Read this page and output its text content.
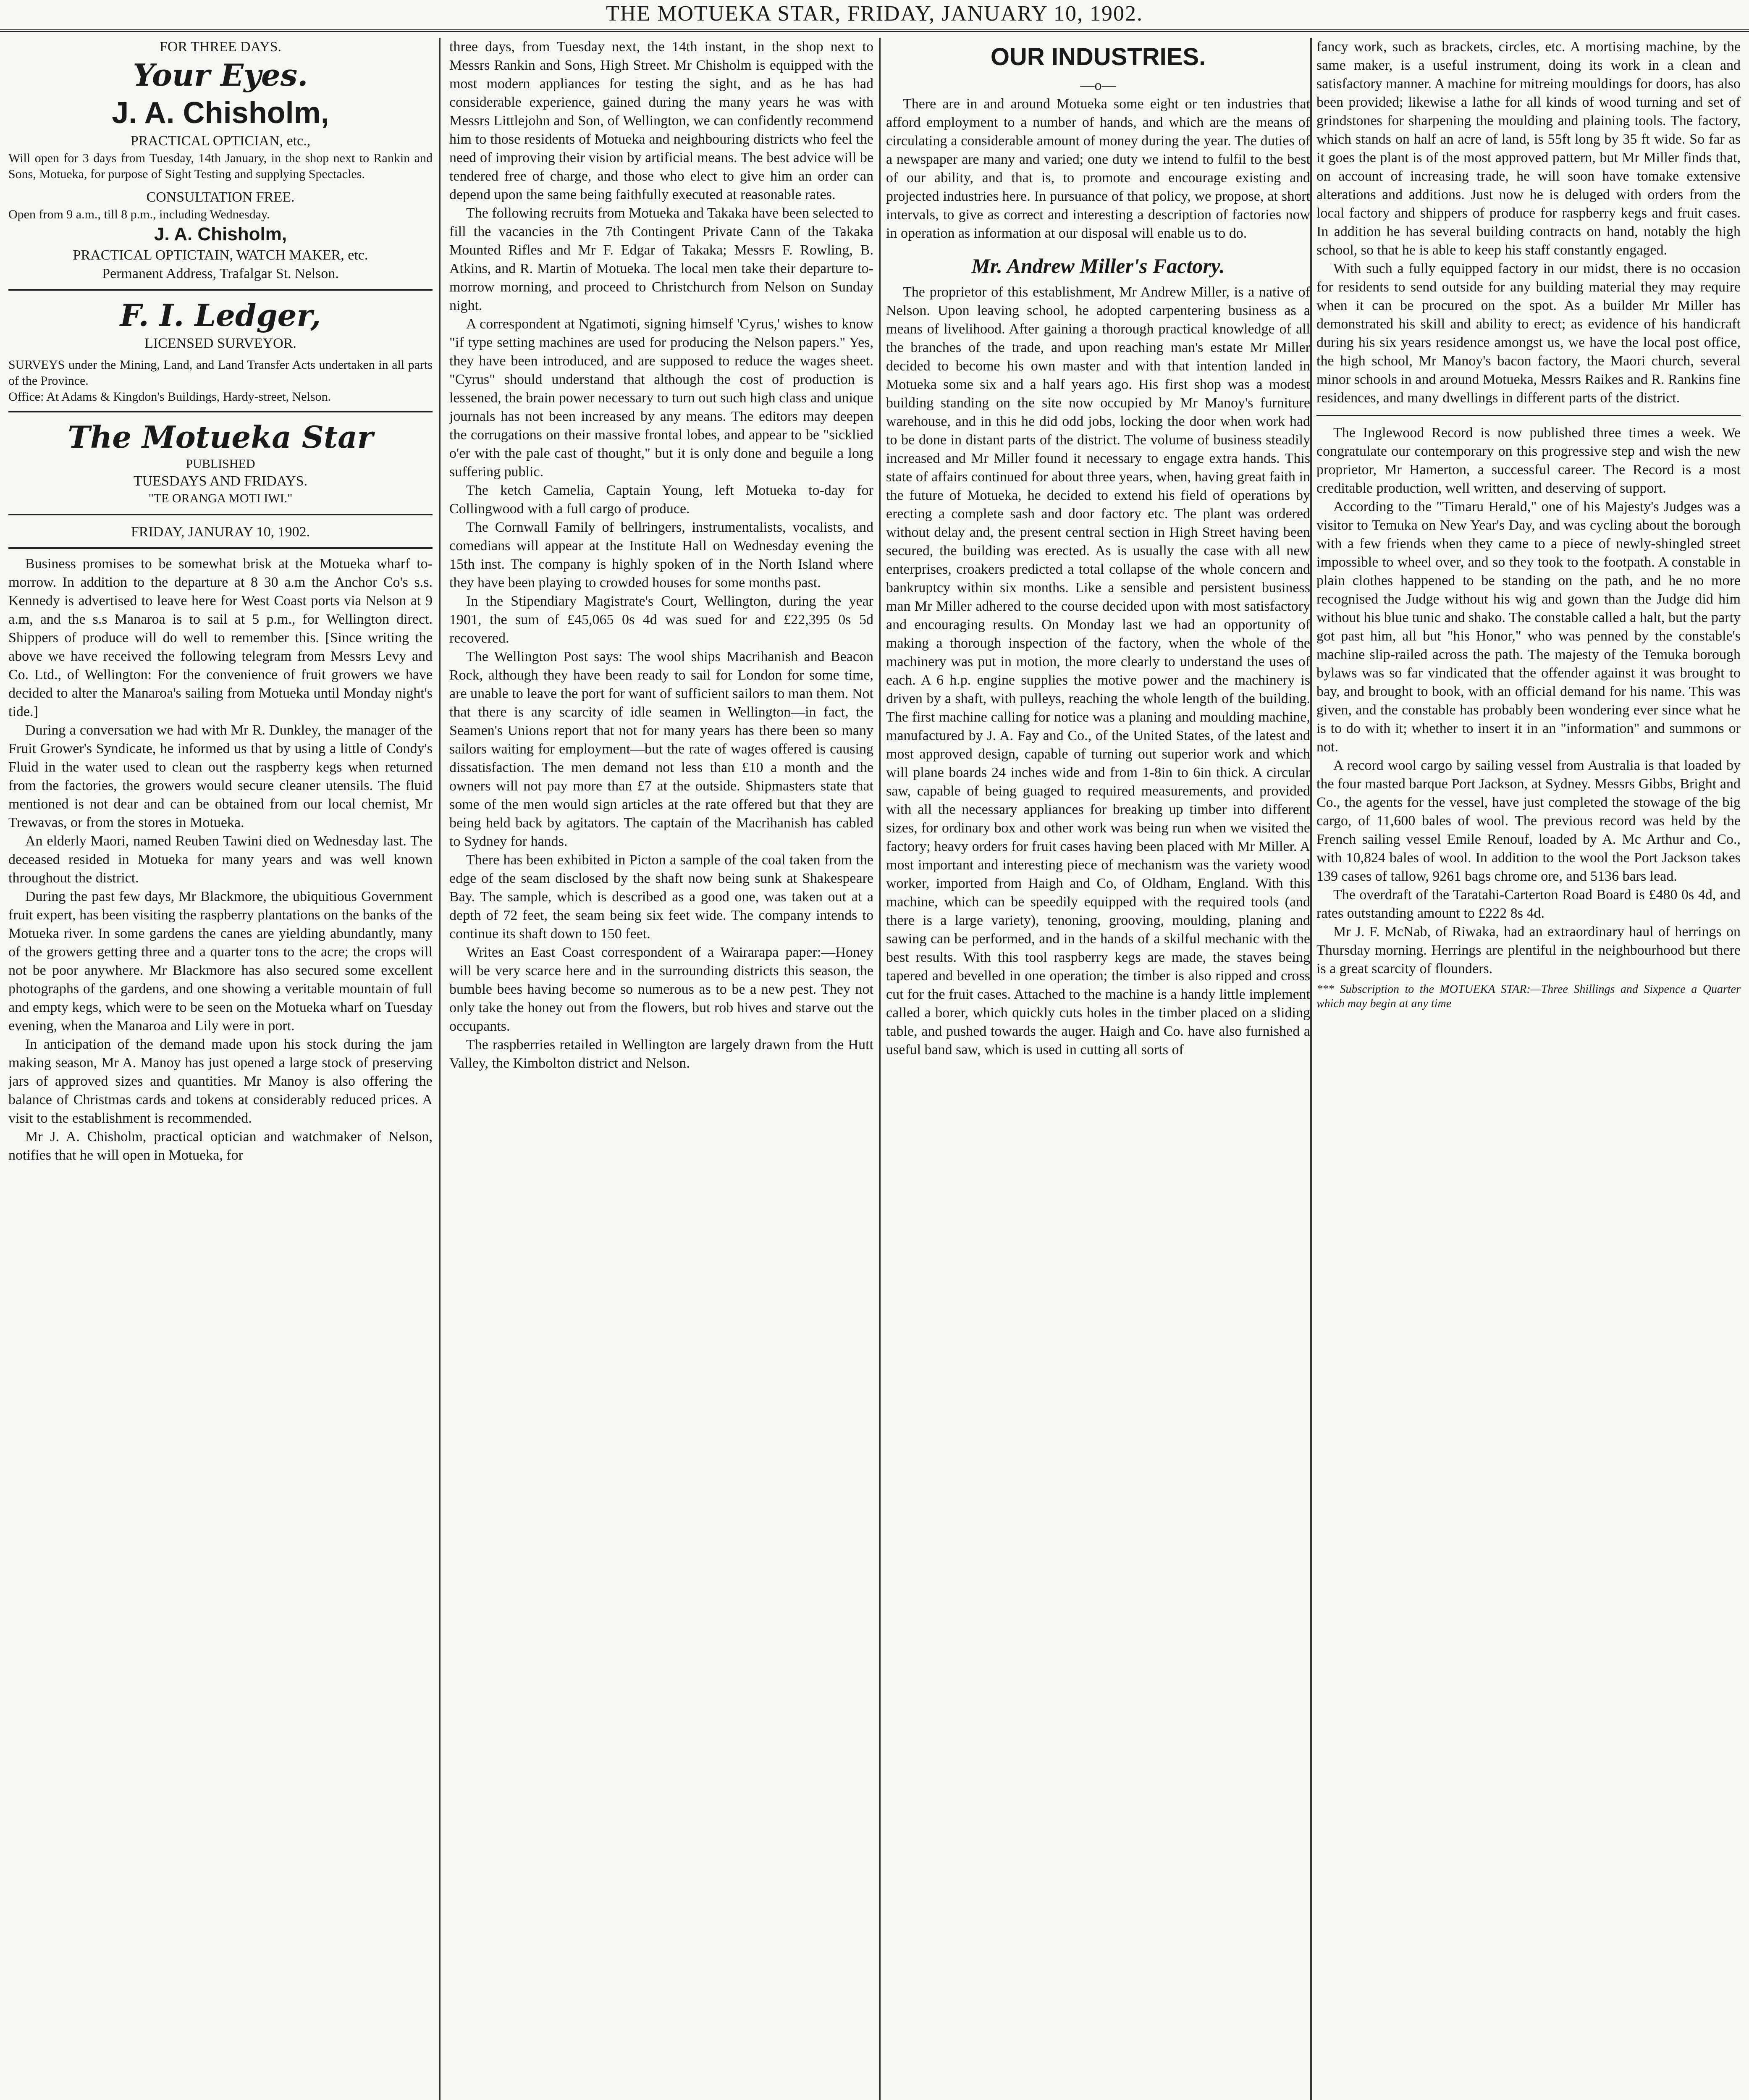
THE MOTUEKA STAR, FRIDAY, JANUARY 10, 1902.
FOR THREE DAYS.
Your Eyes.
J. A. Chisholm,
PRACTICAL OPTICIAN, etc.,
Will open for 3 days from Tuesday, 14th January, in the shop next to Rankin and Sons, Motueka, for purpose of Sight Testing and supplying Spectacles.
CONSULTATION FREE.
Open from 9 a.m., till 8 p.m., including Wednesday.
J. A. Chisholm,
PRACTICAL OPTICTAIN, WATCH MAKER, etc.
Permanent Address, Trafalgar St. Nelson.
F. I. Ledger,
LICENSED SURVEYOR.
SURVEYS under the Mining, Land, and Land Transfer Acts undertaken in all parts of the Province.
Office: At Adams & Kingdon's Buildings, Hardy-street, Nelson.
The Motueka Star
PUBLISHED
TUESDAYS AND FRIDAYS.
"TE ORANGA MOTI IWI."
FRIDAY, JANURAY 10, 1902.

Business promises to be somewhat brisk at the Motueka wharf to-morrow. In addition to the departure at 8 30 a.m the Anchor Co's s.s. Kennedy is advertised to leave here for West Coast ports via Nelson at 9 a.m, and the s.s Manaroa is to sail at 5 p.m., for Wellington direct. Shippers of produce will do well to remember this. [Since writing the above we have received the following telegram from Messrs Levy and Co. Ltd., of Wellington: For the convenience of fruit growers we have decided to alter the Manaroa's sailing from Motueka until Monday night's tide.]

During a conversation we had with Mr R. Dunkley, the manager of the Fruit Grower's Syndicate, he informed us that by using a little of Condy's Fluid in the water used to clean out the raspberry kegs when returned from the factories, the growers would secure cleaner utensils. The fluid mentioned is not dear and can be obtained from our local chemist, Mr Trewavas, or from the stores in Motueka.

An elderly Maori, named Reuben Tawini died on Wednesday last. The deceased resided in Motueka for many years and was well known throughout the district.

During the past few days, Mr Blackmore, the ubiquitious Government fruit expert, has been visiting the raspberry plantations on the banks of the Motueka river. In some gardens the canes are yielding abundantly, many of the growers getting three and a quarter tons to the acre; the crops will not be poor anywhere. Mr Blackmore has also secured some excellent photographs of the gardens, and one showing a veritable mountain of full and empty kegs, which were to be seen on the Motueka wharf on Tuesday evening, when the Manaroa and Lily were in port.

In anticipation of the demand made upon his stock during the jam making season, Mr A. Manoy has just opened a large stock of preserving jars of approved sizes and quantities. Mr Manoy is also offering the balance of Christmas cards and tokens at considerably reduced prices. A visit to the establishment is recommended.

Mr J. A. Chisholm, practical optician and watchmaker of Nelson, notifies that he will open in Motueka, for

three days, from Tuesday next, the 14th instant, in the shop next to Messrs Rankin and Sons, High Street. Mr Chisholm is equipped with the most modern appliances for testing the sight, and as he has had considerable experience, gained during the many years he was with Messrs Littlejohn and Son, of Wellington, we can confidently recommend him to those residents of Motueka and neighbouring districts who feel the need of improving their vision by artificial means. The best advice will be tendered free of charge, and those who elect to give him an order can depend upon the same being faithfully executed at reasonable rates.

The following recruits from Motueka and Takaka have been selected to fill the vacancies in the 7th Contingent Private Cann of the Takaka Mounted Rifles and Mr F. Edgar of Takaka; Messrs F. Rowling, B. Atkins, and R. Martin of Motueka. The local men take their departure to-morrow morning, and proceed to Christchurch from Nelson on Sunday night.

A correspondent at Ngatimoti, signing himself 'Cyrus,' wishes to know "if type setting machines are used for producing the Nelson papers." Yes, they have been introduced, and are supposed to reduce the wages sheet. "Cyrus" should understand that although the cost of production is lessened, the brain power necessary to turn out such high class and unique journals has not been increased by any means. The editors may deepen the corrugations on their massive frontal lobes, and appear to be "sicklied o'er with the pale cast of thought," but it is only done and beguile a long suffering public.

The ketch Camelia, Captain Young, left Motueka to-day for Collingwood with a full cargo of produce.

The Cornwall Family of bellringers, instrumentalists, vocalists, and comedians will appear at the Institute Hall on Wednesday evening the 15th inst. The company is highly spoken of in the North Island where they have been playing to crowded houses for some months past.

In the Stipendiary Magistrate's Court, Wellington, during the year 1901, the sum of £45,065 0s 4d was sued for and £22,395 0s 5d recovered.

The Wellington Post says: The wool ships Macrihanish and Beacon Rock, although they have been ready to sail for London for some time, are unable to leave the port for want of sufficient sailors to man them. Not that there is any scarcity of idle seamen in Wellington—in fact, the Seamen's Unions report that not for many years has there been so many sailors waiting for employment—but the rate of wages offered is causing dissatisfaction. The men demand not less than £10 a month and the owners will not pay more than £7 at the outside. Shipmasters state that some of the men would sign articles at the rate offered but that they are being held back by agitators. The captain of the Macrihanish has cabled to Sydney for hands.

There has been exhibited in Picton a sample of the coal taken from the edge of the seam disclosed by the shaft now being sunk at Shakespeare Bay. The sample, which is described as a good one, was taken out at a depth of 72 feet, the seam being six feet wide. The company intends to continue its shaft down to 150 feet.

Writes an East Coast correspondent of a Wairarapa paper:—Honey will be very scarce here and in the surrounding districts this season, the bumble bees having become so numerous as to be a new pest. They not only take the honey out from the flowers, but rob hives and starve out the occupants.

The raspberries retailed in Wellington are largely drawn from the Hutt Valley, the Kimbolton district and Nelson.

OUR INDUSTRIES.
—o—

There are in and around Motueka some eight or ten industries that afford employment to a number of hands, and which are the means of circulating a considerable amount of money during the year. The duties of a newspaper are many and varied; one duty we intend to fulfil to the best of our ability, and that is, to promote and encourage existing and projected industries here. In pursuance of that policy, we propose, at short intervals, to give as correct and interesting a description of factories now in operation as information at our disposal will enable us to do.

Mr. Andrew Miller's Factory.

The proprietor of this establishment, Mr Andrew Miller, is a native of Nelson. Upon leaving school, he adopted carpentering business as a means of livelihood. After gaining a thorough practical knowledge of all the branches of the trade, and upon reaching man's estate Mr Miller decided to become his own master and with that intention landed in Motueka some six and a half years ago. His first shop was a modest building standing on the site now occupied by Mr Manoy's furniture warehouse, and in this he did odd jobs, locking the door when work had to be done in distant parts of the district. The volume of business steadily increased and Mr Miller found it necessary to engage extra hands. This state of affairs continued for about three years, when, having great faith in the future of Motueka, he decided to extend his field of operations by erecting a complete sash and door factory etc. The plant was ordered without delay and, the present central section in High Street having been secured, the building was erected. As is usually the case with all new enterprises, croakers predicted a total collapse of the whole concern and bankruptcy within six months. Like a sensible and persistent business man Mr Miller adhered to the course decided upon with most satisfactory and encouraging results. On Monday last we had an opportunity of making a thorough inspection of the factory, when the whole of the machinery was put in motion, the more clearly to understand the uses of each. A 6 h.p. engine supplies the motive power and the machinery is driven by a shaft, with pulleys, reaching the whole length of the building. The first machine calling for notice was a planing and moulding machine, manufactured by J. A. Fay and Co., of the United States, of the latest and most approved design, capable of turning out superior work and which will plane boards 24 inches wide and from 1-8in to 6in thick. A circular saw, capable of being guaged to required measurements, and provided with all the necessary appliances for breaking up timber into different sizes, for ordinary box and other work was being run when we visited the factory; heavy orders for fruit cases having been placed with Mr Miller. A most important and interesting piece of mechanism was the variety wood worker, imported from Haigh and Co, of Oldham, England. With this machine, which can be speedily equipped with the required tools (and there is a large variety), tenoning, grooving, moulding, planing and sawing can be performed, and in the hands of a skilful mechanic with the best results. With this tool raspberry kegs are made, the staves being tapered and bevelled in one operation; the timber is also ripped and cross cut for the fruit cases. Attached to the machine is a handy little implement called a borer, which quickly cuts holes in the timber placed on a sliding table, and pushed towards the auger. Haigh and Co. have also furnished a useful band saw, which is used in cutting all sorts of

fancy work, such as brackets, circles, etc. A mortising machine, by the same maker, is a useful instrument, doing its work in a clean and satisfactory manner. A machine for mitreing mouldings for doors, has also been provided; likewise a lathe for all kinds of wood turning and set of grindstones for sharpening the moulding and plaining tools. The factory, which stands on half an acre of land, is 55ft long by 35 ft wide. So far as it goes the plant is of the most approved pattern, but Mr Miller finds that, on account of increasing trade, he will soon have tomake extensive alterations and additions. Just now he is deluged with orders from the local factory and shippers of produce for raspberry kegs and fruit cases. In addition he has several building contracts on hand, notably the high school, so that he is able to keep his staff constantly engaged.

With such a fully equipped factory in our midst, there is no occasion for residents to send outside for any building material they may require when it can be procured on the spot. As a builder Mr Miller has demonstrated his skill and ability to erect; as evidence of his handicraft during his six years residence amongst us, we have the local post office, the high school, Mr Manoy's bacon factory, the Maori church, several minor schools in and around Motueka, Messrs Raikes and R. Rankins fine residences, and many dwellings in different parts of the district.

The Inglewood Record is now published three times a week. We congratulate our contemporary on this progressive step and wish the new proprietor, Mr Hamerton, a successful career. The Record is a most creditable production, well written, and deserving of support.

According to the "Timaru Herald," one of his Majesty's Judges was a visitor to Temuka on New Year's Day, and was cycling about the borough with a few friends when they came to a piece of newly-shingled street impossible to wheel over, and so they took to the footpath. A constable in plain clothes happened to be standing on the path, and he no more recognised the Judge without his wig and gown than the Judge did him without his blue tunic and shako. The constable called a halt, but the party got past him, all but "his Honor," who was penned by the constable's machine slip-railed across the path. The majesty of the Temuka borough bylaws was so far vindicated that the offender against it was brought to bay, and brought to book, with an official demand for his name. This was given, and the constable has probably been wondering ever since what he is to do with it; whether to insert it in an "information" and summons or not.

A record wool cargo by sailing vessel from Australia is that loaded by the four masted barque Port Jackson, at Sydney. Messrs Gibbs, Bright and Co., the agents for the vessel, have just completed the stowage of the big cargo, of 11,600 bales of wool. The previous record was held by the French sailing vessel Emile Renouf, loaded by A. Mc Arthur and Co., with 10,824 bales of wool. In addition to the wool the Port Jackson takes 139 cases of tallow, 9261 bags chrome ore, and 5136 bars lead.

The overdraft of the Taratahi-Carterton Road Board is £480 0s 4d, and rates outstanding amount to £222 8s 4d.

Mr J. F. McNab, of Riwaka, had an extraordinary haul of herrings on Thursday morning. Herrings are plentiful in the neighbourhood but there is a great scarcity of flounders.

*** Subscription to the MOTUEKA STAR:—Three Shillings and Sixpence a Quarter which may begin at any time
